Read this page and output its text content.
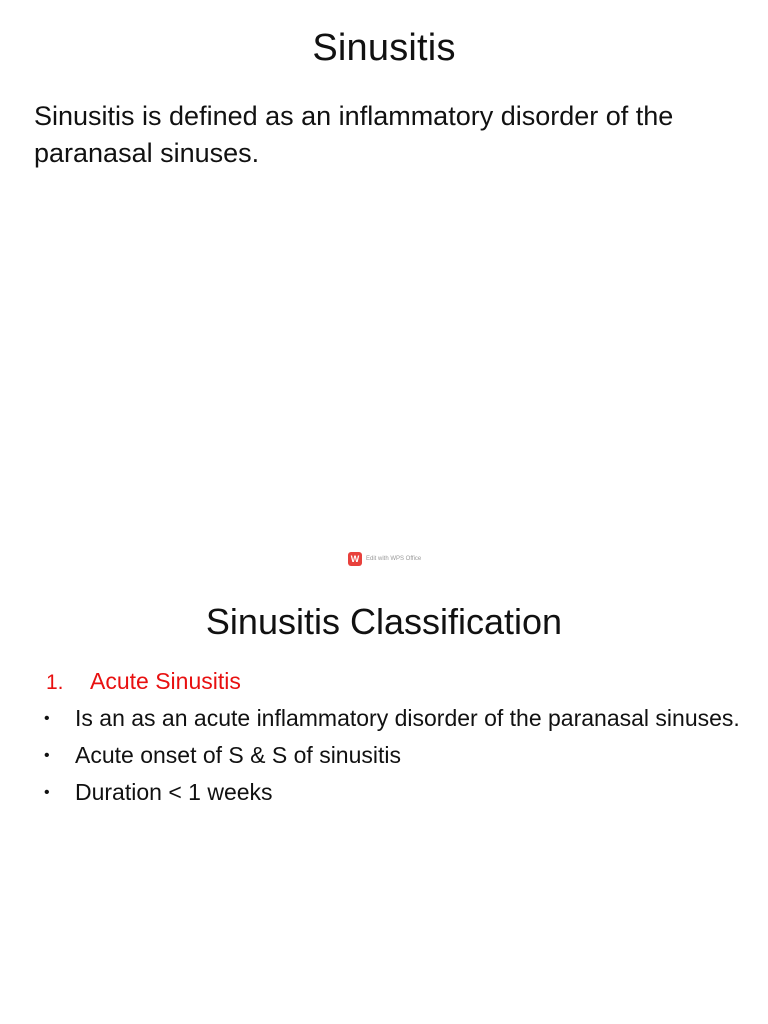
Sinusitis

Sinusitis is defined as an inflammatory disorder of the paranasal sinuses.

W	Edit with WPS Office
Sinusitis Classification
1.	Acute Sinusitis
•	Is an as an acute inflammatory disorder of the paranasal sinuses.
•	Acute onset of S & S of sinusitis
•	Duration < 1 weeks
